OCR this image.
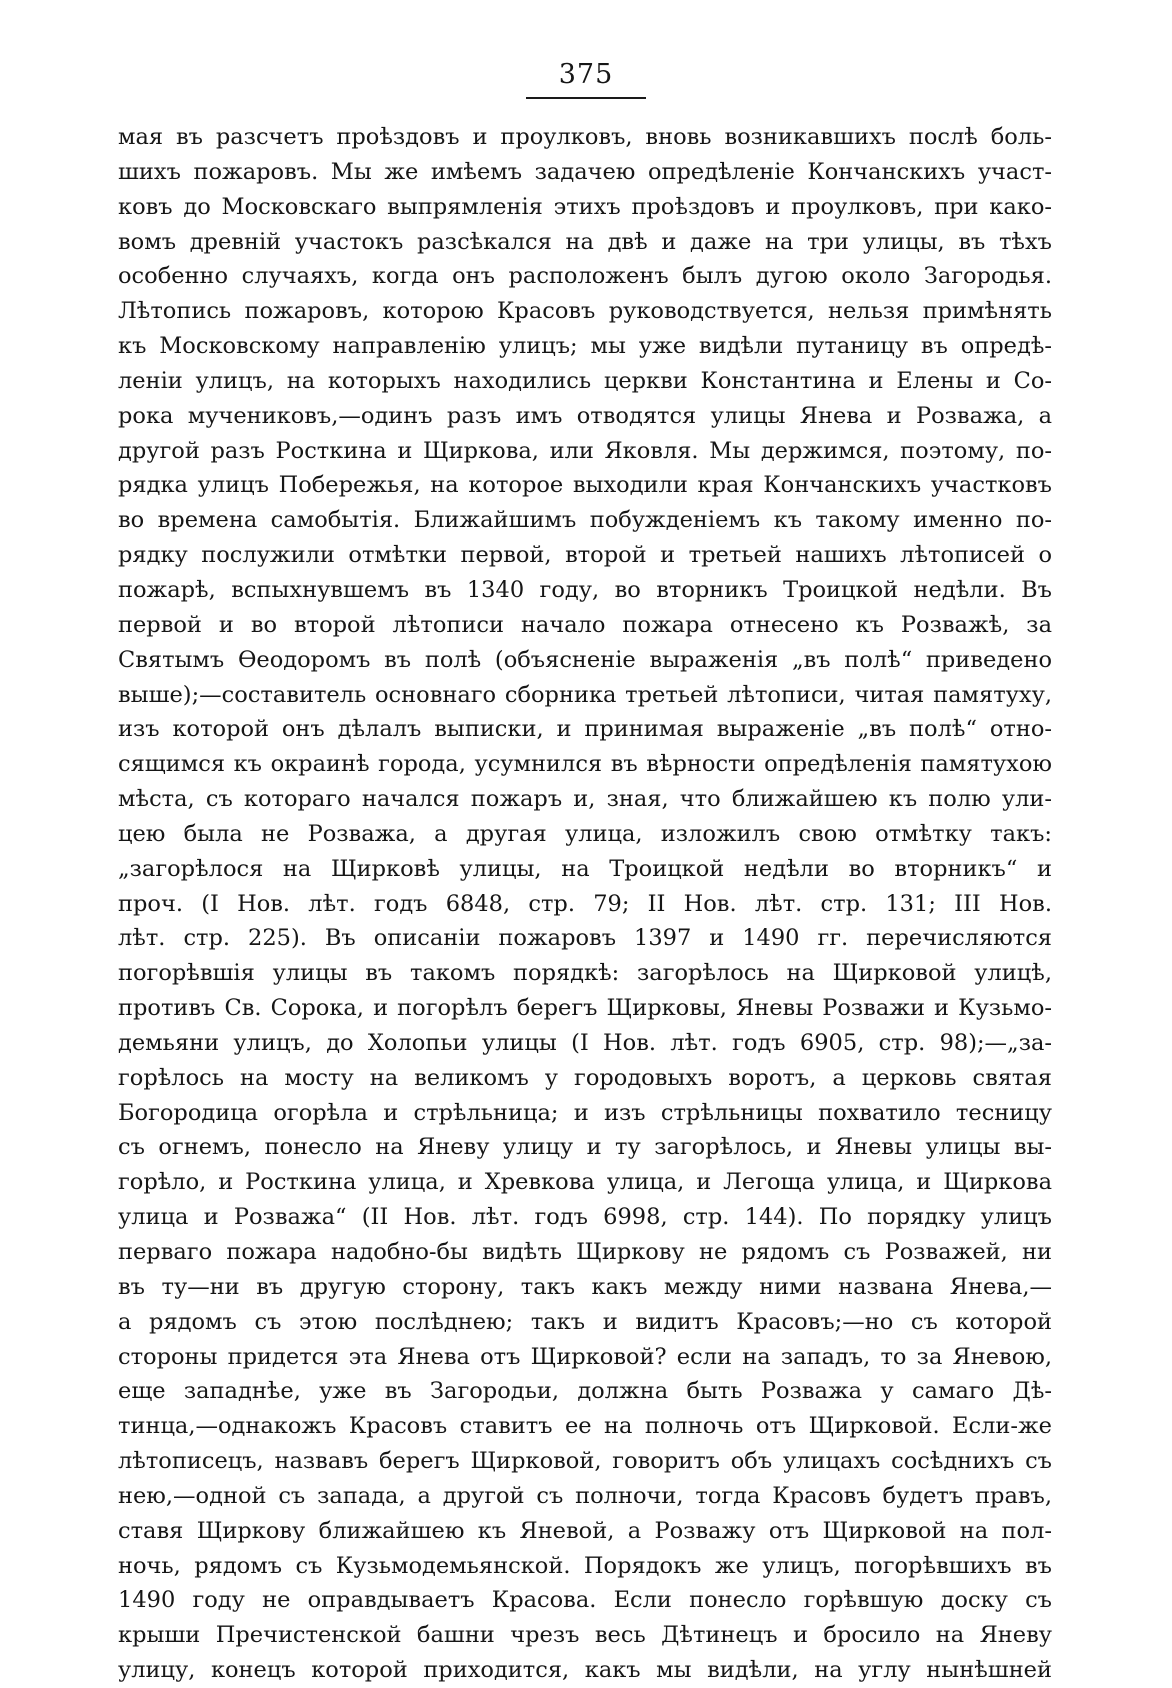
375
мая въ разсчетъ проѣздовъ и проулковъ, вновь возникавшихъ послѣ боль-
шихъ пожаровъ. Мы же имѣемъ задачею опредѣленіе Кончанскихъ участ-
ковъ до Московскаго выпрямленія этихъ проѣздовъ и проулковъ, при како-
вомъ древній участокъ разсѣкался на двѣ и даже на три улицы, въ тѣхъ
особенно случаяхъ, когда онъ расположенъ былъ дугою около Загородья.
Лѣтопись пожаровъ, которою Красовъ руководствуется, нельзя примѣнять
къ Московскому направленію улицъ; мы уже видѣли путаницу въ опредѣ-
леніи улицъ, на которыхъ находились церкви Константина и Елены и Со-
рока мучениковъ,—одинъ разъ имъ отводятся улицы Янева и Розважа, а
другой разъ Росткина и Щиркова, или Яковля. Мы держимся, поэтому, по-
рядка улицъ Побережья, на которое выходили края Кончанскихъ участковъ
во времена самобытія. Ближайшимъ побужденіемъ къ такому именно по-
рядку послужили отмѣтки первой, второй и третьей нашихъ лѣтописей о
пожарѣ, вспыхнувшемъ въ 1340 году, во вторникъ Троицкой недѣли. Въ
первой и во второй лѣтописи начало пожара отнесено къ Розважѣ, за
Святымъ Ѳеодоромъ въ полѣ (объясненіе выраженія „въ полѣ“ приведено
выше);—составитель основнаго сборника третьей лѣтописи, читая памятуху,
изъ которой онъ дѣлалъ выписки, и принимая выраженіе „въ полѣ“ отно-
сящимся къ окраинѣ города, усумнился въ вѣрности опредѣленія памятухою
мѣста, съ котораго начался пожаръ и, зная, что ближайшею къ полю ули-
цею была не Розважа, а другая улица, изложилъ свою отмѣтку такъ:
„загорѣлося на Щирковѣ улицы, на Троицкой недѣли во вторникъ“ и
проч. (I Нов. лѣт. годъ 6848, стр. 79; II Нов. лѣт. стр. 131; III Нов.
лѣт. стр. 225). Въ описаніи пожаровъ 1397 и 1490 гг. перечисляются
погорѣвшія улицы въ такомъ порядкѣ: загорѣлось на Щирковой улицѣ,
противъ Св. Сорока, и погорѣлъ берегъ Щирковы, Яневы Розважи и Кузьмо-
демьяни улицъ, до Холопьи улицы (I Нов. лѣт. годъ 6905, стр. 98);—„за-
горѣлось на мосту на великомъ у городовыхъ воротъ, а церковь святая
Богородица огорѣла и стрѣльница; и изъ стрѣльницы похватило тесницу
съ огнемъ, понесло на Яневу улицу и ту загорѣлось, и Яневы улицы вы-
горѣло, и Росткина улица, и Хревкова улица, и Легоща улица, и Щиркова
улица и Розважа“ (II Нов. лѣт. годъ 6998, стр. 144). По порядку улицъ
перваго пожара надобно-бы видѣть Щиркову не рядомъ съ Розважей, ни
въ ту—ни въ другую сторону, такъ какъ между ними названа Янева,—
а рядомъ съ этою послѣднею; такъ и видитъ Красовъ;—но съ которой
стороны придется эта Янева отъ Щирковой? если на западъ, то за Яневою,
еще западнѣе, уже въ Загородьи, должна быть Розважа у самаго Дѣ-
тинца,—однакожъ Красовъ ставитъ ее на полночь отъ Щирковой. Если-же
лѣтописецъ, назвавъ берегъ Щирковой, говоритъ объ улицахъ сосѣднихъ съ
нею,—одной съ запада, а другой съ полночи, тогда Красовъ будетъ правъ,
ставя Щиркову ближайшею къ Яневой, а Розважу отъ Щирковой на пол-
ночь, рядомъ съ Кузьмодемьянской. Порядокъ же улицъ, погорѣвшихъ въ
1490 году не оправдываетъ Красова. Если понесло горѣвшую доску съ
крыши Пречистенской башни чрезъ весь Дѣтинецъ и бросило на Яневу
улицу, конецъ которой приходится, какъ мы видѣли, на углу нынѣшней
